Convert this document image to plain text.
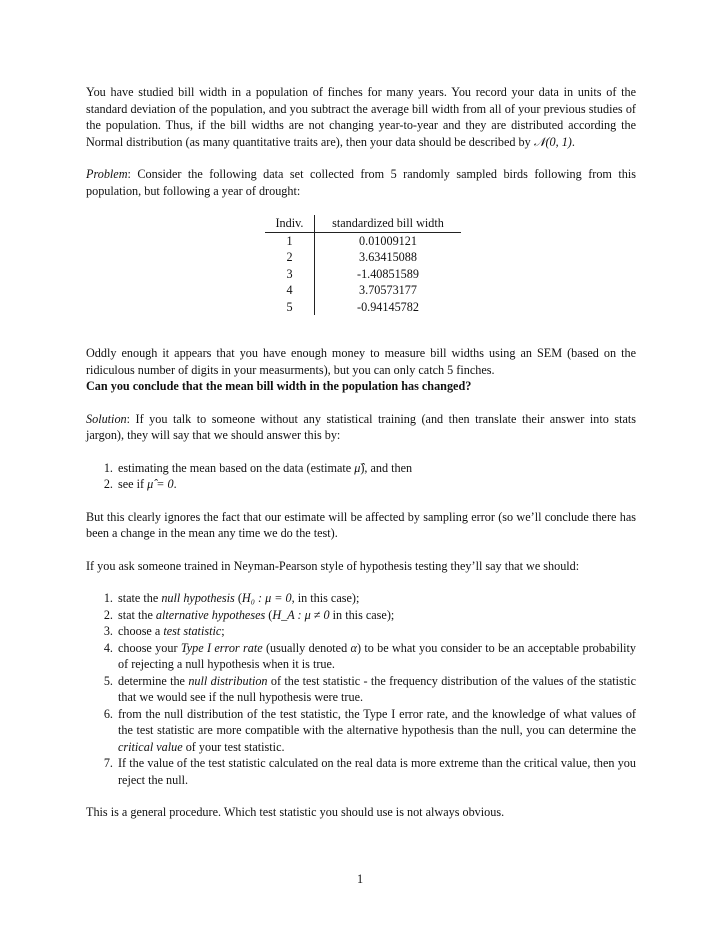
You have studied bill width in a population of finches for many years. You record your data in units of the standard deviation of the population, and you subtract the average bill width from all of your previous studies of the population. Thus, if the bill widths are not changing year-to-year and they are distributed according the Normal distribution (as many quantitative traits are), then your data should be described by 𝒩(0, 1).

Problem: Consider the following data set collected from 5 randomly sampled birds following from this population, but following a year of drought:

Indiv.	standardized bill width
1	0.01009121
2	3.63415088
3	-1.40851589
4	3.70573177
5	-0.94145782

Oddly enough it appears that you have enough money to measure bill widths using an SEM (based on the ridiculous number of digits in your measurments), but you can only catch 5 finches.
Can you conclude that the mean bill width in the population has changed?

Solution: If you talk to someone without any statistical training (and then translate their answer into stats jargon), they will say that we should answer this by:

1. estimating the mean based on the data (estimate μ̂), and then
2. see if μ̂ = 0.

But this clearly ignores the fact that our estimate will be affected by sampling error (so we’ll conclude there has been a change in the mean any time we do the test).

If you ask someone trained in Neyman-Pearson style of hypothesis testing they’ll say that we should:

1. state the null hypothesis (H₀ : μ = 0, in this case);
2. stat the alternative hypotheses (H_A : μ ≠ 0 in this case);
3. choose a test statistic;
4. choose your Type I error rate (usually denoted α) to be what you consider to be an acceptable probability of rejecting a null hypothesis when it is true.
5. determine the null distribution of the test statistic - the frequency distribution of the values of the statistic that we would see if the null hypothesis were true.
6. from the null distribution of the test statistic, the Type I error rate, and the knowledge of what values of the test statistic are more compatible with the alternative hypothesis than the null, you can determine the critical value of your test statistic.
7. If the value of the test statistic calculated on the real data is more extreme than the critical value, then you reject the null.

This is a general procedure. Which test statistic you should use is not always obvious.

1
